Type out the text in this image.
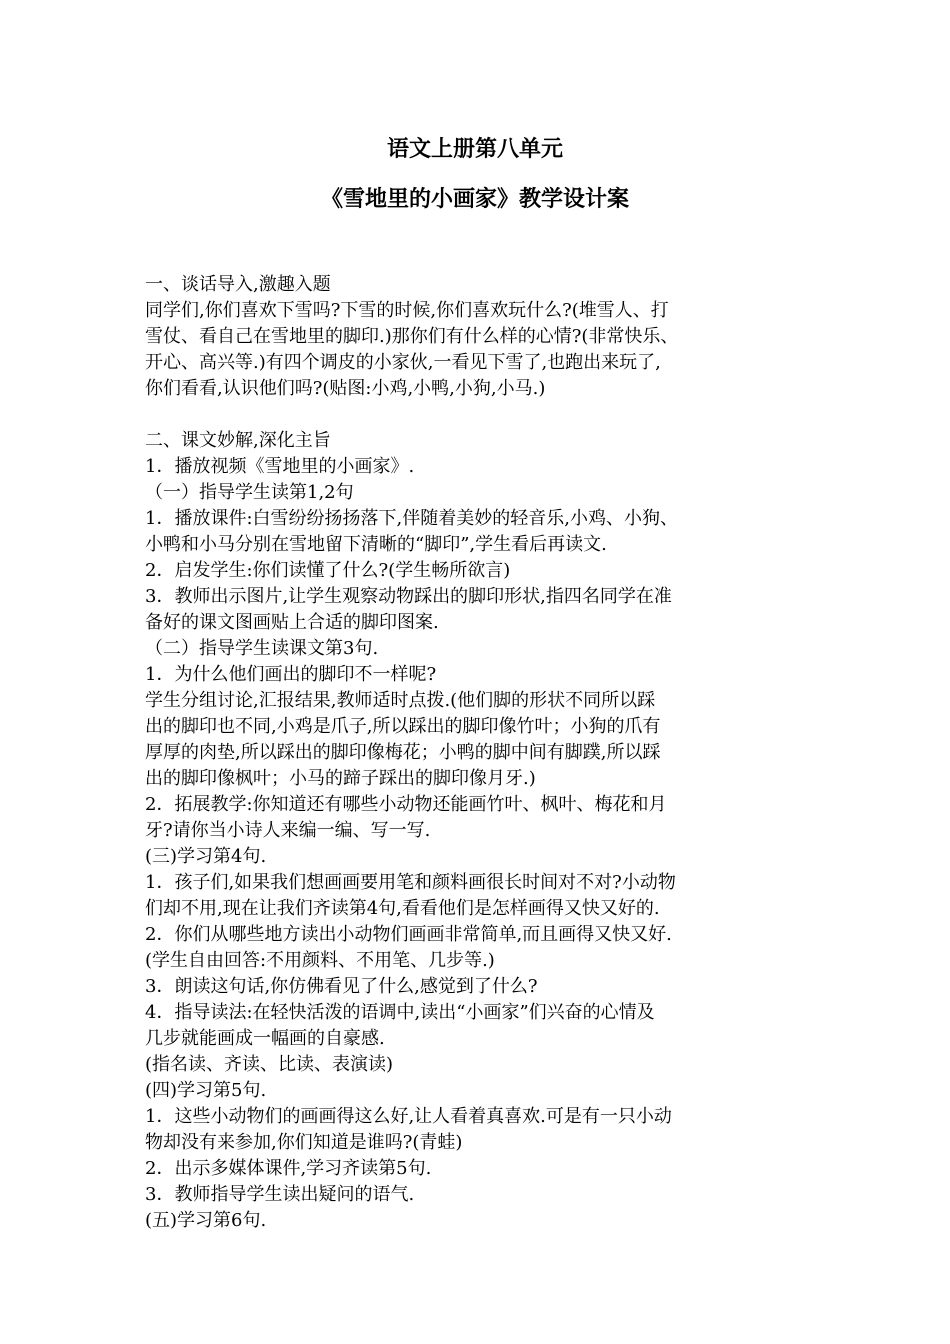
语文上册第八单元
《雪地里的小画家》教学设计案
一、谈话导入,激趣入题
同学们,你们喜欢下雪吗?下雪的时候,你们喜欢玩什么?(堆雪人、打
雪仗、看自己在雪地里的脚印.)那你们有什么样的心情?(非常快乐、
开心、高兴等.)有四个调皮的小家伙,一看见下雪了,也跑出来玩了,
你们看看,认识他们吗?(贴图:小鸡,小鸭,小狗,小马.)
二、课文妙解,深化主旨
1．播放视频《雪地里的小画家》.
（一）指导学生读第1,2句
1．播放课件:白雪纷纷扬扬落下,伴随着美妙的轻音乐,小鸡、小狗、
小鸭和小马分别在雪地留下清晰的“脚印”,学生看后再读文.
2．启发学生:你们读懂了什么?(学生畅所欲言)
3．教师出示图片,让学生观察动物踩出的脚印形状,指四名同学在准
备好的课文图画贴上合适的脚印图案.
（二）指导学生读课文第3句.
1．为什么他们画出的脚印不一样呢?
学生分组讨论,汇报结果,教师适时点拨.(他们脚的形状不同所以踩
出的脚印也不同,小鸡是爪子,所以踩出的脚印像竹叶；小狗的爪有
厚厚的肉垫,所以踩出的脚印像梅花；小鸭的脚中间有脚蹼,所以踩
出的脚印像枫叶；小马的蹄子踩出的脚印像月牙.)
2．拓展教学:你知道还有哪些小动物还能画竹叶、枫叶、梅花和月
牙?请你当小诗人来编一编、写一写.
(三)学习第4句.
1．孩子们,如果我们想画画要用笔和颜料画很长时间对不对?小动物
们却不用,现在让我们齐读第4句,看看他们是怎样画得又快又好的.
2．你们从哪些地方读出小动物们画画非常简单,而且画得又快又好.
(学生自由回答:不用颜料、不用笔、几步等.)
3．朗读这句话,你仿佛看见了什么,感觉到了什么?
4．指导读法:在轻快活泼的语调中,读出“小画家”们兴奋的心情及
几步就能画成一幅画的自豪感.
(指名读、齐读、比读、表演读)
(四)学习第5句.
1．这些小动物们的画画得这么好,让人看着真喜欢.可是有一只小动
物却没有来参加,你们知道是谁吗?(青蛙)
2．出示多媒体课件,学习齐读第5句.
3．教师指导学生读出疑问的语气.
(五)学习第6句.
